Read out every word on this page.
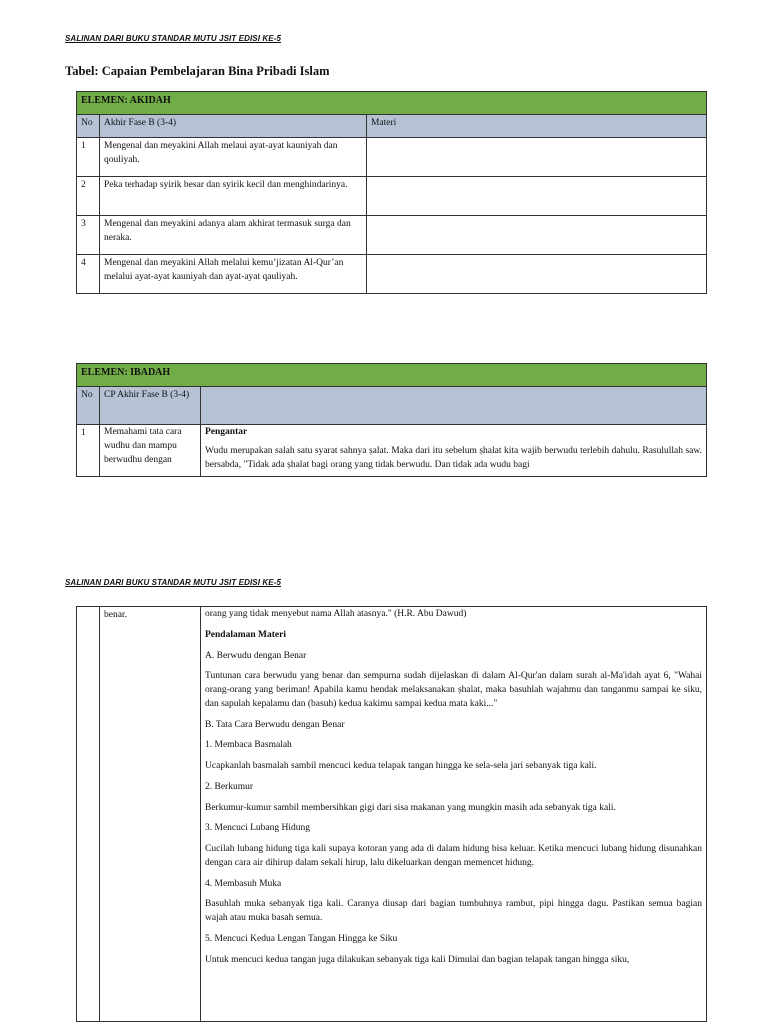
SALINAN DARI BUKU STANDAR MUTU JSIT EDISI KE-5
Tabel: Capaian Pembelajaran Bina Pribadi Islam
ELEMEN: AKIDAH		
No	Akhir Fase B (3-4)	Materi
1	Mengenal dan meyakini Allah melaui ayat-ayat kauniyah dan qouliyah.	
2	Peka terhadap syirik besar dan syirik kecil dan menghindarinya.	
3	Mengenal dan meyakini adanya alam akhirat termasuk surga dan neraka.	
4	Mengenal dan meyakini Allah melalui kemu’jizatan Al-Qur’an melalui ayat-ayat kauniyah dan ayat-ayat qauliyah.	
ELEMEN: IBADAH		
No	CP Akhir Fase B (3-4)	
1	Memahami tata cara wudhu dan mampu berwudhu dengan	Pengantar

Wudu merupakan salah satu syarat sahnya ṣalat. Maka dari itu sebelum ṣhalat kita wajib berwudu terlebih dahulu. Rasulullah saw. bersabda, "Tidak ada ṣhalat bagi orang yang tidak berwudu. Dan tidak ada wudu bagi

SALINAN DARI BUKU STANDAR MUTU JSIT EDISI KE-5
	benar.	orang yang tidak menyebut nama Allah atasnya." (H.R. Abu Dawud)

Pendalaman Materi

A. Berwudu dengan Benar

Tuntunan cara berwudu yang benar dan sempurna sudah dijelaskan di dalam Al-Qur'an dalam surah al-Ma'idah ayat 6, "Wahai orang-orang yang beriman! Apabila kamu hendak melaksanakan ṣhalat, maka basuhlah wajahmu dan tanganmu sampai ke siku, dan sapulah kepalamu dan (basuh) kedua kakimu sampai kedua mata kaki..."

B. Tata Cara Berwudu dengan Benar

1. Membaca Basmalah

Ucapkanlah basmalah sambil mencuci kedua telapak tangan hingga ke sela-sela jari sebanyak tiga kali.

2. Berkumur

Berkumur-kumur sambil membersihkan gigi dari sisa makanan yang mungkin masih ada sebanyak tiga kali.

3. Mencuci Lubang Hidung

Cucilah lubang hidung tiga kali supaya kotoran yang ada di dalam hidung bisa keluar. Ketika mencuci lubang hidung disunahkan dengan cara air dihirup dalam sekali hirup, lalu dikeluarkan dengan memencet hidung.

4. Membasuh Muka

Basuhlah muka sebanyak tiga kali. Caranya diusap dari bagian tumbuhnya rambut, pipi hingga dagu. Pastikan semua bagian wajah atau muka basah semua.

5. Mencuci Kedua Lengan Tangan Hingga ke Siku

Untuk mencuci kedua tangan juga dilakukan sebanyak tiga kali Dimulai dan bagian telapak tangan hingga siku,
